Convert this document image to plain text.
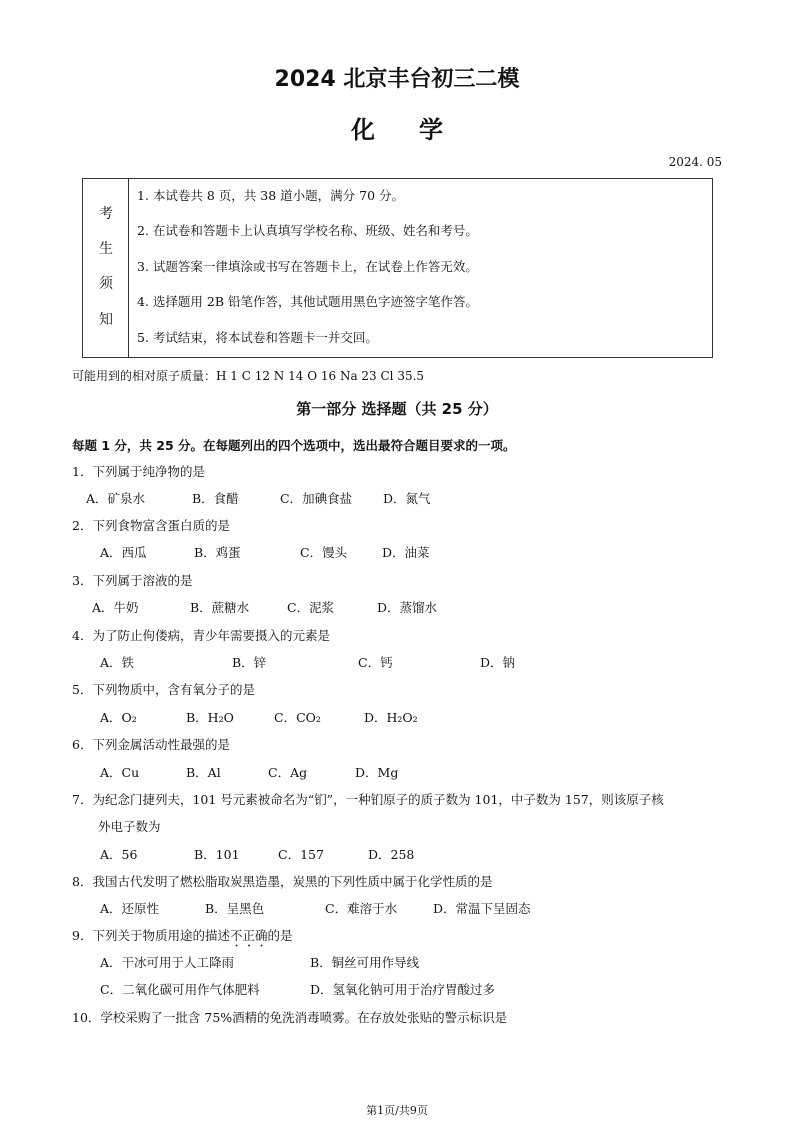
2024 北京丰台初三二模
化学
2024. 05
考
生
须
知
1. 本试卷共 8 页，共 38 道小题，满分 70 分。
2. 在试卷和答题卡上认真填写学校名称、班级、姓名和考号。
3. 试题答案一律填涂或书写在答题卡上，在试卷上作答无效。
4. 选择题用 2B 铅笔作答，其他试题用黑色字迹签字笔作答。
5. 考试结束，将本试卷和答题卡一并交回。
可能用到的相对原子质量：H 1 C 12 N 14 O 16 Na 23 Cl 35.5
第一部分 选择题（共 25 分）
每题 1 分，共 25 分。在每题列出的四个选项中，选出最符合题目要求的一项。
1．下列属于纯净物的是
A．矿泉水	B．食醋	C．加碘食盐 D．氮气
2．下列食物富含蛋白质的是
A．西瓜	B．鸡蛋	C．馒头	D．油菜
3．下列属于溶液的是
A．牛奶	B．蔗糖水	C．泥浆	D．蒸馏水
4．为了防止佝偻病，青少年需要摄入的元素是
A．铁	B．锌	C．钙	D．钠
5．下列物质中，含有氧分子的是
A．O₂	B．H₂O	C．CO₂	D．H₂O₂
6．下列金属活动性最强的是
A．Cu	B．Al	C．Ag	D．Mg
7．为纪念门捷列夫，101 号元素被命名为“钔”，一种钔原子的质子数为 101，中子数为 157，则该原子核
外电子数为
A．56	B．101	C．157	D．258
8．我国古代发明了燃松脂取炭黑造墨，炭黑的下列性质中属于化学性质的是
A．还原性	B．呈黑色	C．难溶于水	D．常温下呈固态
9．下列关于物质用途的描述不正确的是
A．干冰可用于人工降雨	B．铜丝可用作导线
C．二氧化碳可用作气体肥料	D．氢氧化钠可用于治疗胃酸过多
10．学校采购了一批含 75%酒精的免洗消毒喷雾。在存放处张贴的警示标识是
第1页/共9页
